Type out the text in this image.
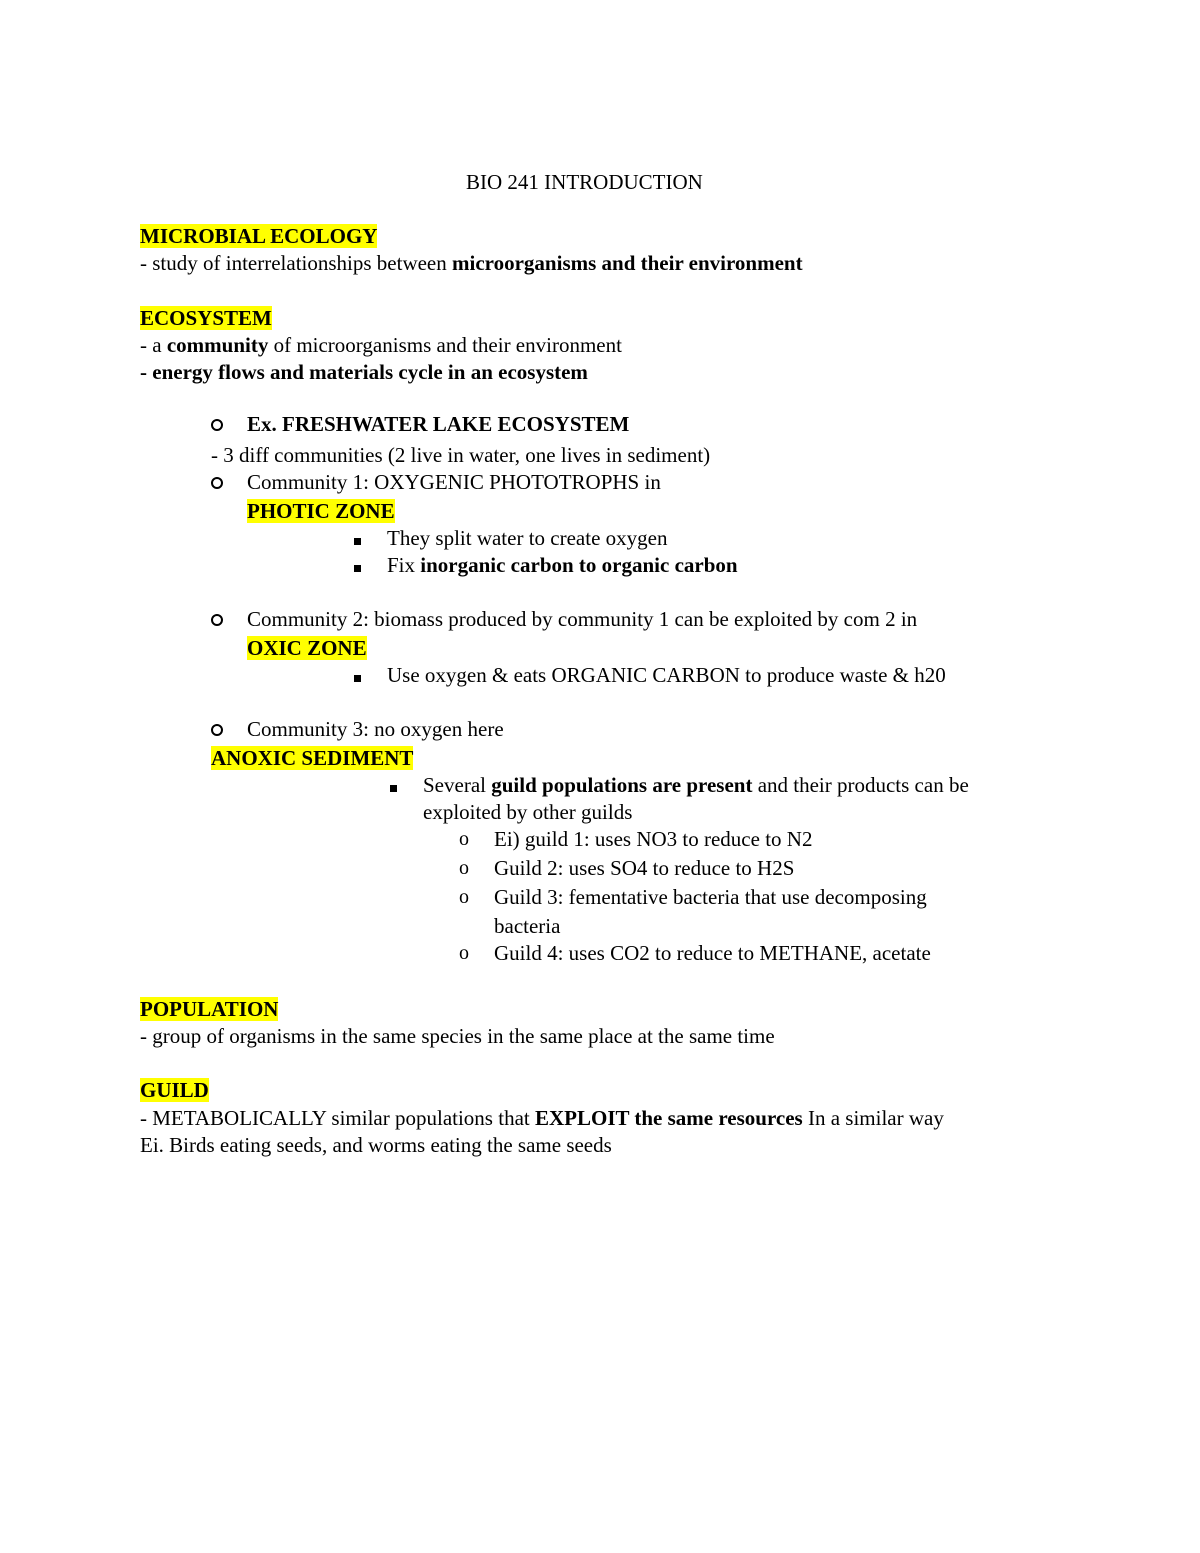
BIO 241 INTRODUCTION
MICROBIAL ECOLOGY
- study of interrelationships between microorganisms and their environment
ECOSYSTEM
- a community of microorganisms and their environment
- energy flows and materials cycle in an ecosystem
Ex. FRESHWATER LAKE ECOSYSTEM
- 3 diff communities (2 live in water, one lives in sediment)
Community 1: OXYGENIC PHOTOTROPHS in
PHOTIC ZONE
They split water to create oxygen
Fix inorganic carbon to organic carbon
Community 2: biomass produced by community 1 can be exploited by com 2 in
OXIC ZONE
Use oxygen & eats ORGANIC CARBON to produce waste & h20
Community 3: no oxygen here
ANOXIC SEDIMENT
Several guild populations are present and their products can be
exploited by other guilds
o Ei) guild 1: uses NO3 to reduce to N2
o Guild 2: uses SO4 to reduce to H2S
o Guild 3: fementative bacteria that use decomposing
bacteria
o Guild 4: uses CO2 to reduce to METHANE, acetate
POPULATION
- group of organisms in the same species in the same place at the same time
GUILD
- METABOLICALLY similar populations that EXPLOIT the same resources In a similar way
Ei. Birds eating seeds, and worms eating the same seeds
